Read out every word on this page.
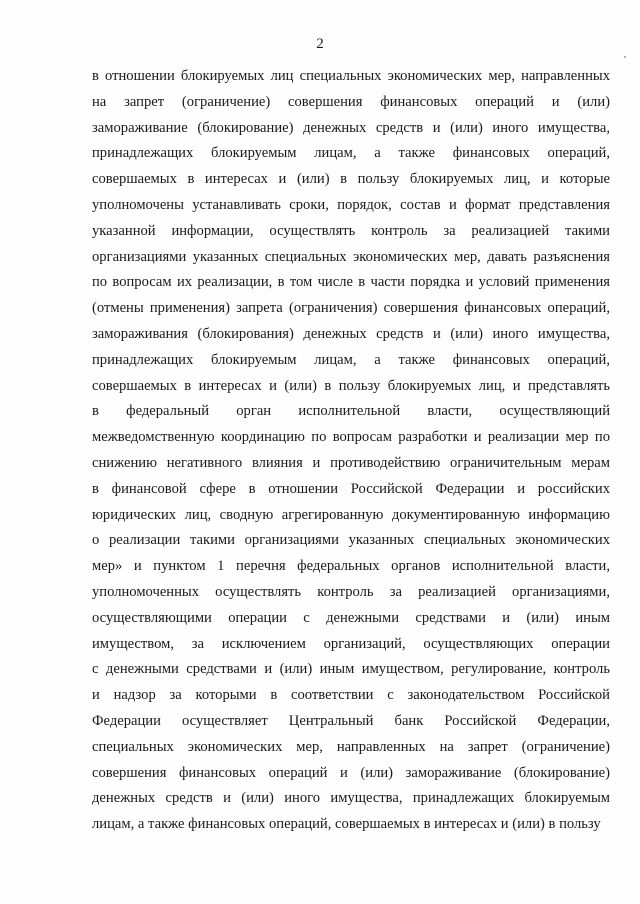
2
в отношении блокируемых лиц специальных экономических мер, направленных
на запрет (ограничение) совершения финансовых операций и (или)
замораживание (блокирование) денежных средств и (или) иного имущества,
принадлежащих блокируемым лицам, а также финансовых операций,
совершаемых в интересах и (или) в пользу блокируемых лиц, и которые
уполномочены устанавливать сроки, порядок, состав и формат представления
указанной информации, осуществлять контроль за реализацией такими
организациями указанных специальных экономических мер, давать разъяснения
по вопросам их реализации, в том числе в части порядка и условий применения
(отмены применения) запрета (ограничения) совершения финансовых операций,
замораживания (блокирования) денежных средств и (или) иного имущества,
принадлежащих блокируемым лицам, а также финансовых операций,
совершаемых в интересах и (или) в пользу блокируемых лиц, и представлять
в федеральный орган исполнительной власти, осуществляющий
межведомственную координацию по вопросам разработки и реализации мер по
снижению негативного влияния и противодействию ограничительным мерам
в финансовой сфере в отношении Российской Федерации и российских
юридических лиц, сводную агрегированную документированную информацию
о реализации такими организациями указанных специальных экономических
мер» и пунктом 1 перечня федеральных органов исполнительной власти,
уполномоченных осуществлять контроль за реализацией организациями,
осуществляющими операции с денежными средствами и (или) иным
имуществом, за исключением организаций, осуществляющих операции
с денежными средствами и (или) иным имуществом, регулирование, контроль
и надзор за которыми в соответствии с законодательством Российской
Федерации осуществляет Центральный банк Российской Федерации,
специальных экономических мер, направленных на запрет (ограничение)
совершения финансовых операций и (или) замораживание (блокирование)
денежных средств и (или) иного имущества, принадлежащих блокируемым
лицам, а также финансовых операций, совершаемых в интересах и (или) в пользу
